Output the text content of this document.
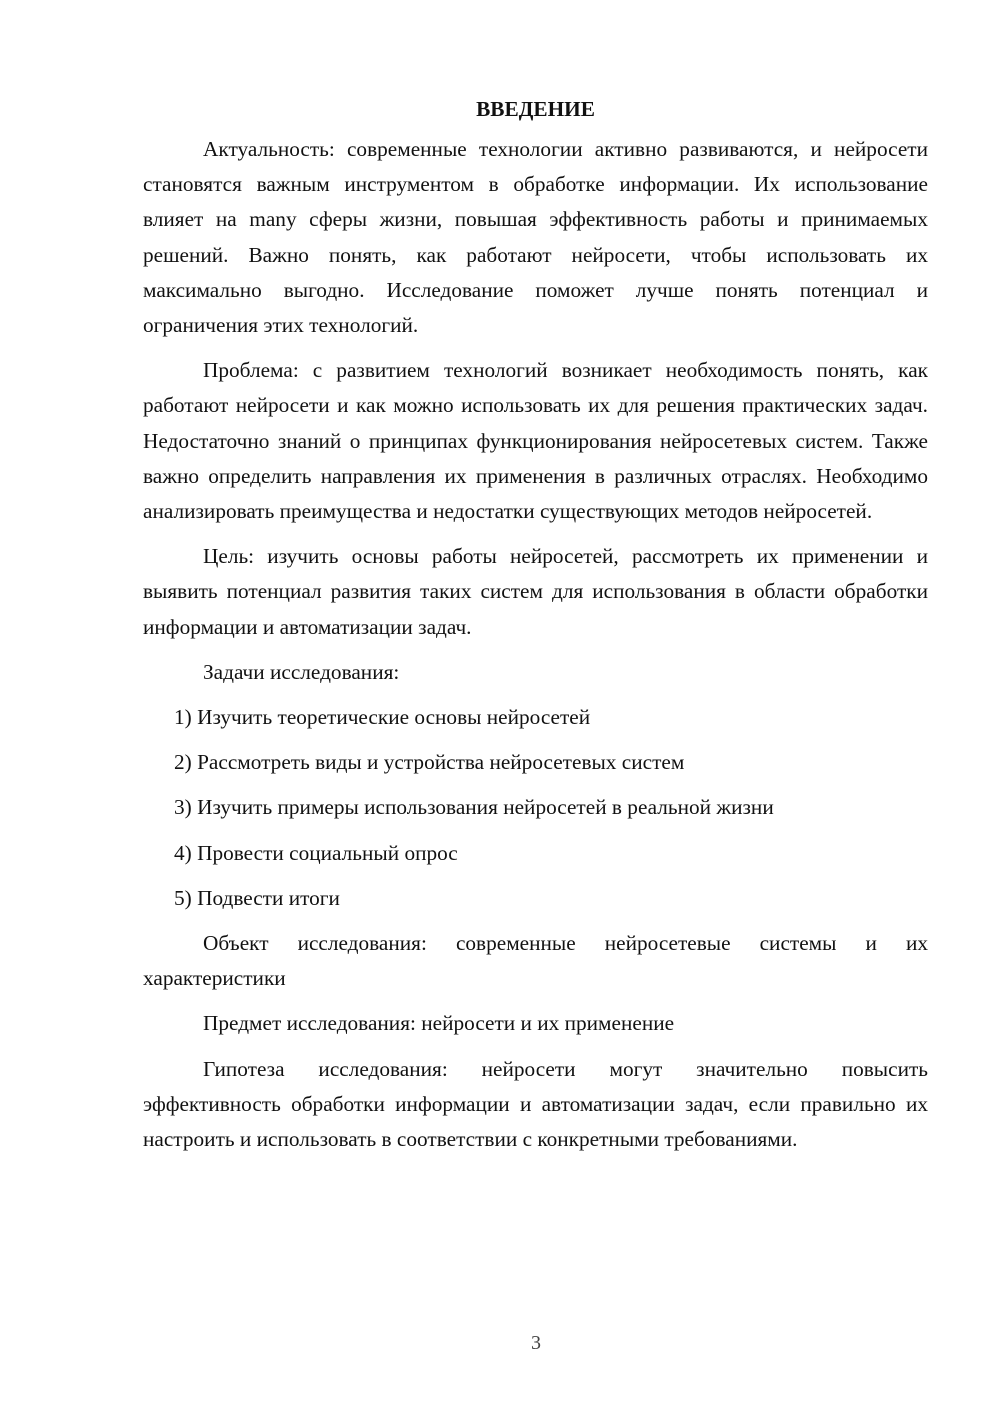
ВВЕДЕНИЕ

Актуальность: современные технологии активно развиваются, и нейросети становятся важным инструментом в обработке информации. Их использование влияет на many сферы жизни, повышая эффективность работы и принимаемых решений. Важно понять, как работают нейросети, чтобы использовать их максимально выгодно. Исследование поможет лучше понять потенциал и ограничения этих технологий.

Проблема: с развитием технологий возникает необходимость понять, как работают нейросети и как можно использовать их для решения практических задач. Недостаточно знаний о принципах функционирования нейросетевых систем. Также важно определить направления их применения в различных отраслях. Необходимо анализировать преимущества и недостатки существующих методов нейросетей.

Цель: изучить основы работы нейросетей, рассмотреть их применении и выявить потенциал развития таких систем для использования в области обработки информации и автоматизации задач.

Задачи исследования:

1) Изучить теоретические основы нейросетей
2) Рассмотреть виды и устройства нейросетевых систем
3) Изучить примеры использования нейросетей в реальной жизни
4) Провести социальный опрос
5) Подвести итоги

Объект исследования: современные нейросетевые системы и их характеристики

Предмет исследования: нейросети и их применение

Гипотеза исследования: нейросети могут значительно повысить эффективность обработки информации и автоматизации задач, если правильно их настроить и использовать в соответствии с конкретными требованиями.

3
